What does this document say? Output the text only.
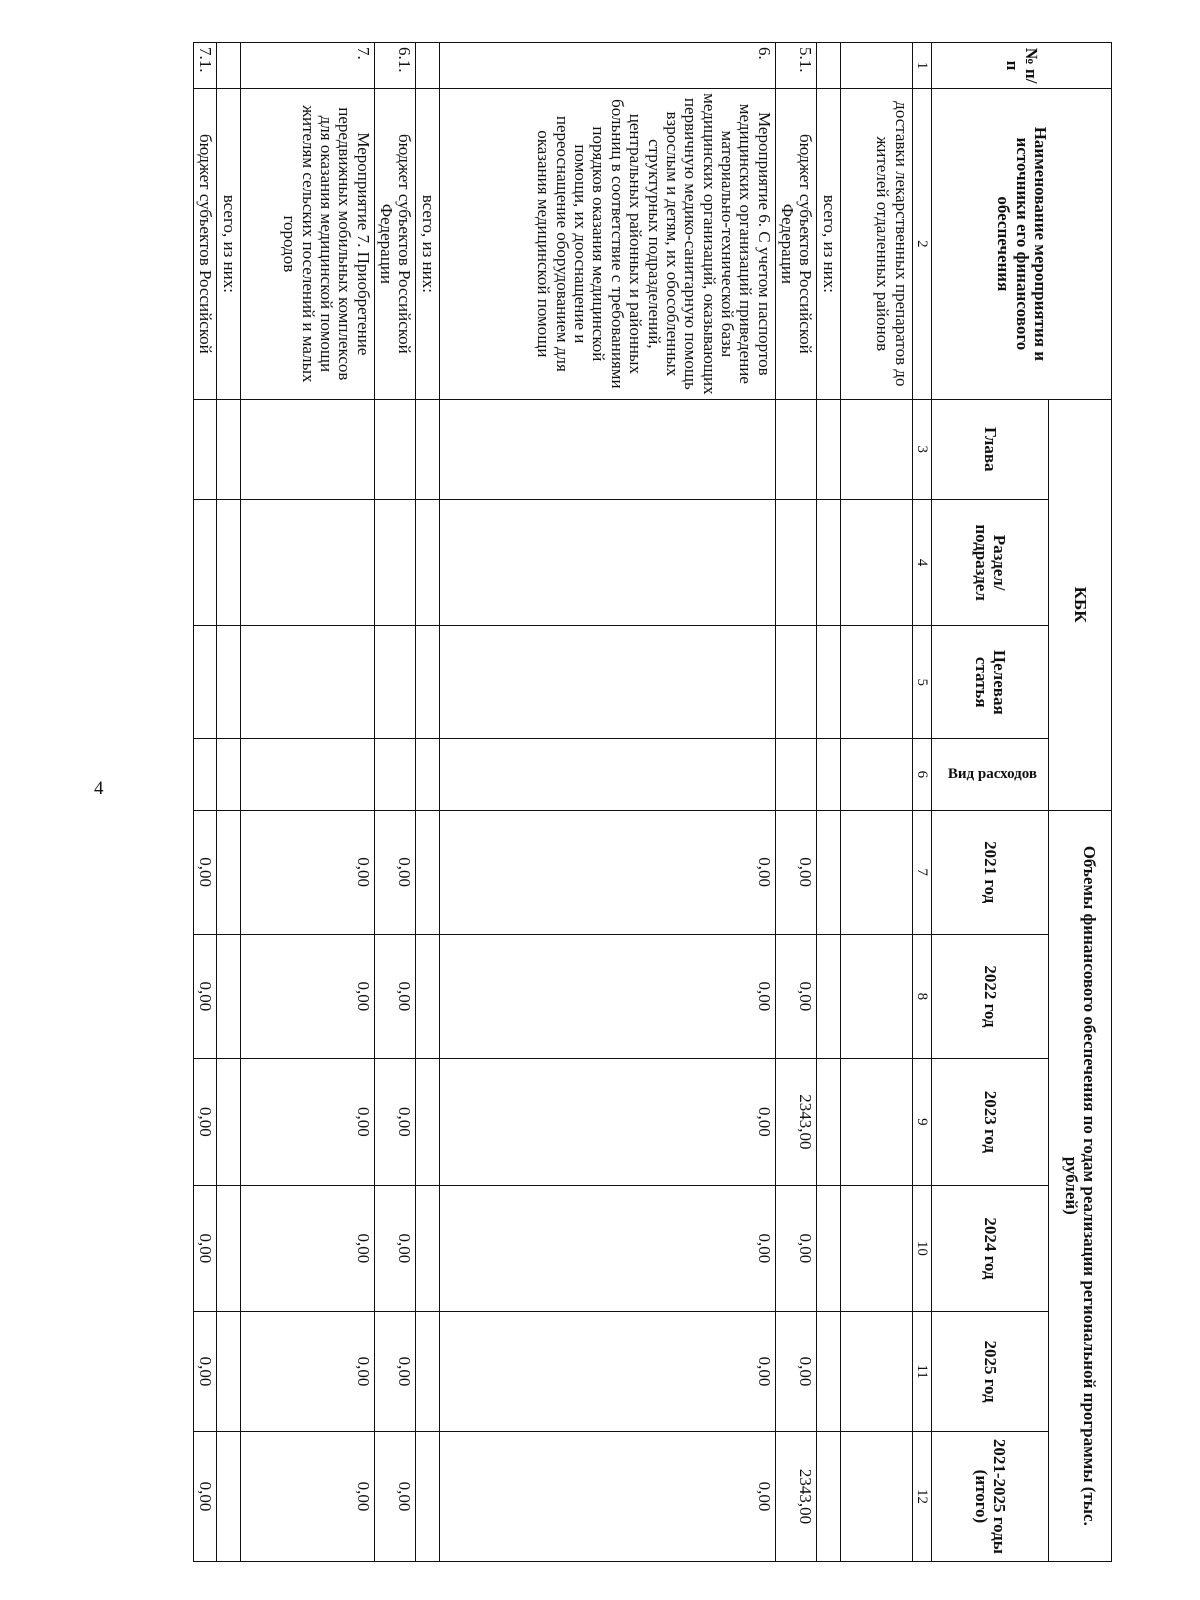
4
№ п/п	Наименование мероприятия и источники его финансового обеспечения	КБК				Объемы финансового обеспечения по годам реализации региональной программы (тыс. рублей)					
		Глава	Раздел/ подраздел	Целевая статья	Вид расходов	2021 год	2022 год	2023 год	2024 год	2025 год	2021-2025 годы (итого)
1	2	3	4	5	6	7	8	9	10	11	12
	доставки лекарственных препаратов до жителей отдаленных районов										
	всего, из них:										
5.1.	бюджет субъектов Российской Федерации					0,00	0,00	2343,00	0,00	0,00	2343,00
6.	Мероприятие 6. С учетом паспортов медицинских организаций приведение материально-технической базы медицинских организаций, оказывающих первичную медико-санитарную помощь взрослым и детям, их обособленных структурных подразделений, центральных районных и районных больниц в соответствие с требованиями порядков оказания медицинской помощи, их дооснащение и переоснащение оборудованием для оказания медицинской помощи					0,00	0,00	0,00	0,00	0,00	0,00
	всего, из них:										
6.1.	бюджет субъектов Российской Федерации					0,00	0,00	0,00	0,00	0,00	0,00
7.	Мероприятие 7. Приобретение передвижных мобильных комплексов для оказания медицинской помощи жителям сельских поселений и малых городов					0,00	0,00	0,00	0,00	0,00	0,00
	всего, из них:										
7.1.	бюджет субъектов Российской					0,00	0,00	0,00	0,00	0,00	0,00
